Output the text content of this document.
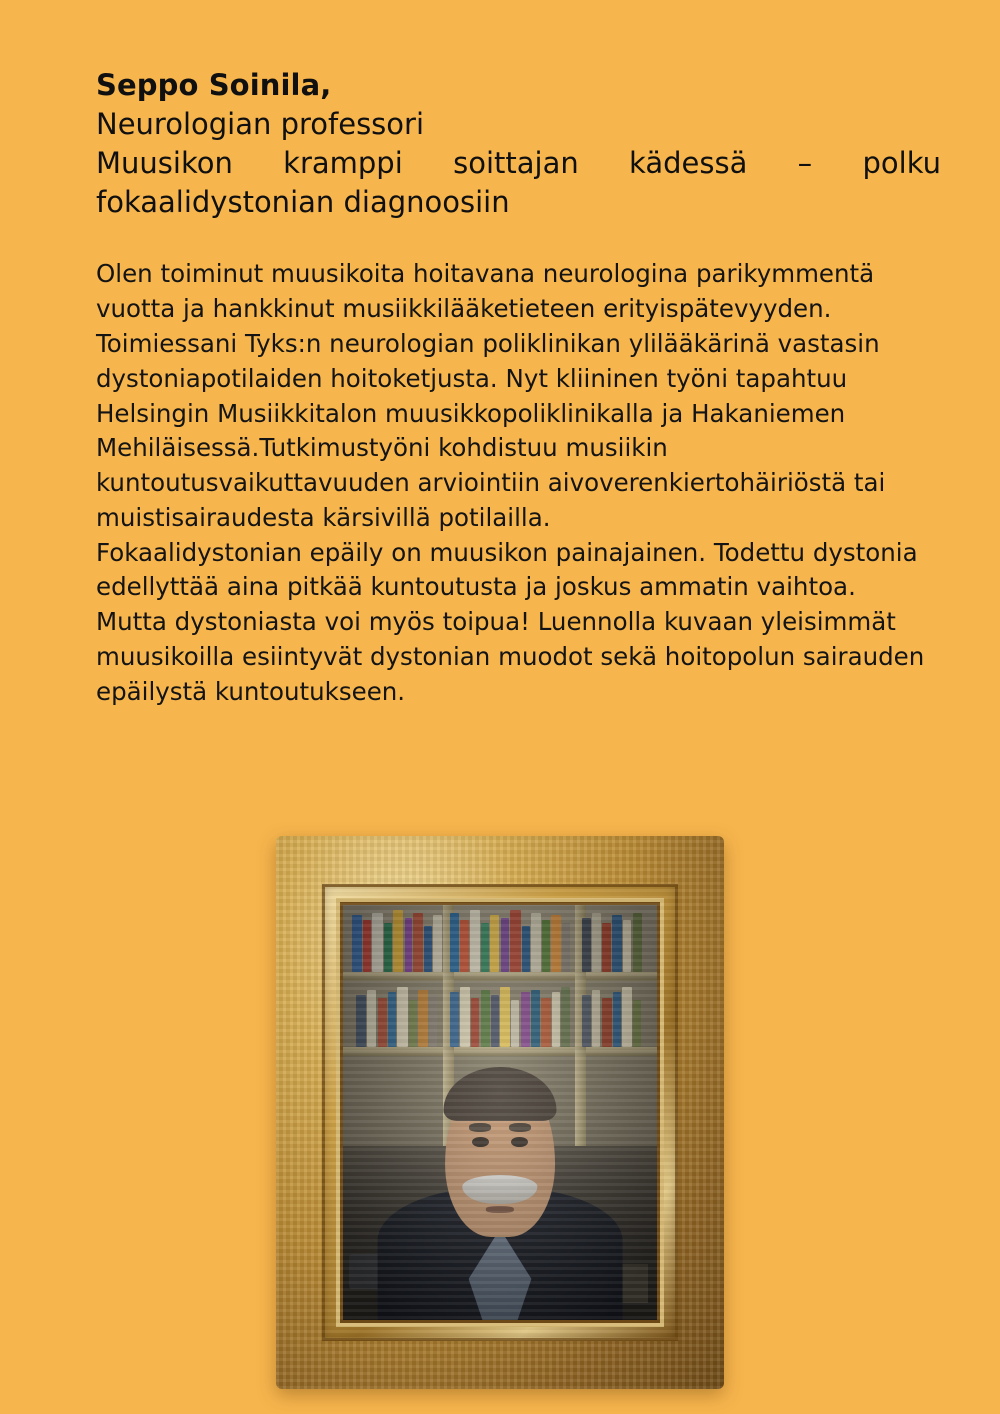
Seppo Soinila,
Neurologian professori
Muusikon kramppi soittajan kädessä – polku fokaalidystonian diagnoosiin

Olen toiminut muusikoita hoitavana neurologina parikymmentä vuotta ja hankkinut musiikkilääketieteen erityispätevyyden. Toimiessani Tyks:n neurologian poliklinikan ylilääkärinä vastasin dystoniapotilaiden hoitoketjusta. Nyt kliininen työni tapahtuu Helsingin Musiikkitalon muusikkopoliklinikalla ja Hakaniemen Mehiläisessä.Tutkimustyöni kohdistuu musiikin kuntoutusvaikuttavuuden arviointiin aivoverenkiertohäiriöstä tai muistisairaudesta kärsivillä potilailla.

Fokaalidystonian epäily on muusikon painajainen. Todettu dystonia edellyttää aina pitkää kuntoutusta ja joskus ammatin vaihtoa. Mutta dystoniasta voi myös toipua! Luennolla kuvaan yleisimmät muusikoilla esiintyvät dystonian muodot sekä hoitopolun sairauden epäilystä kuntoutukseen.
